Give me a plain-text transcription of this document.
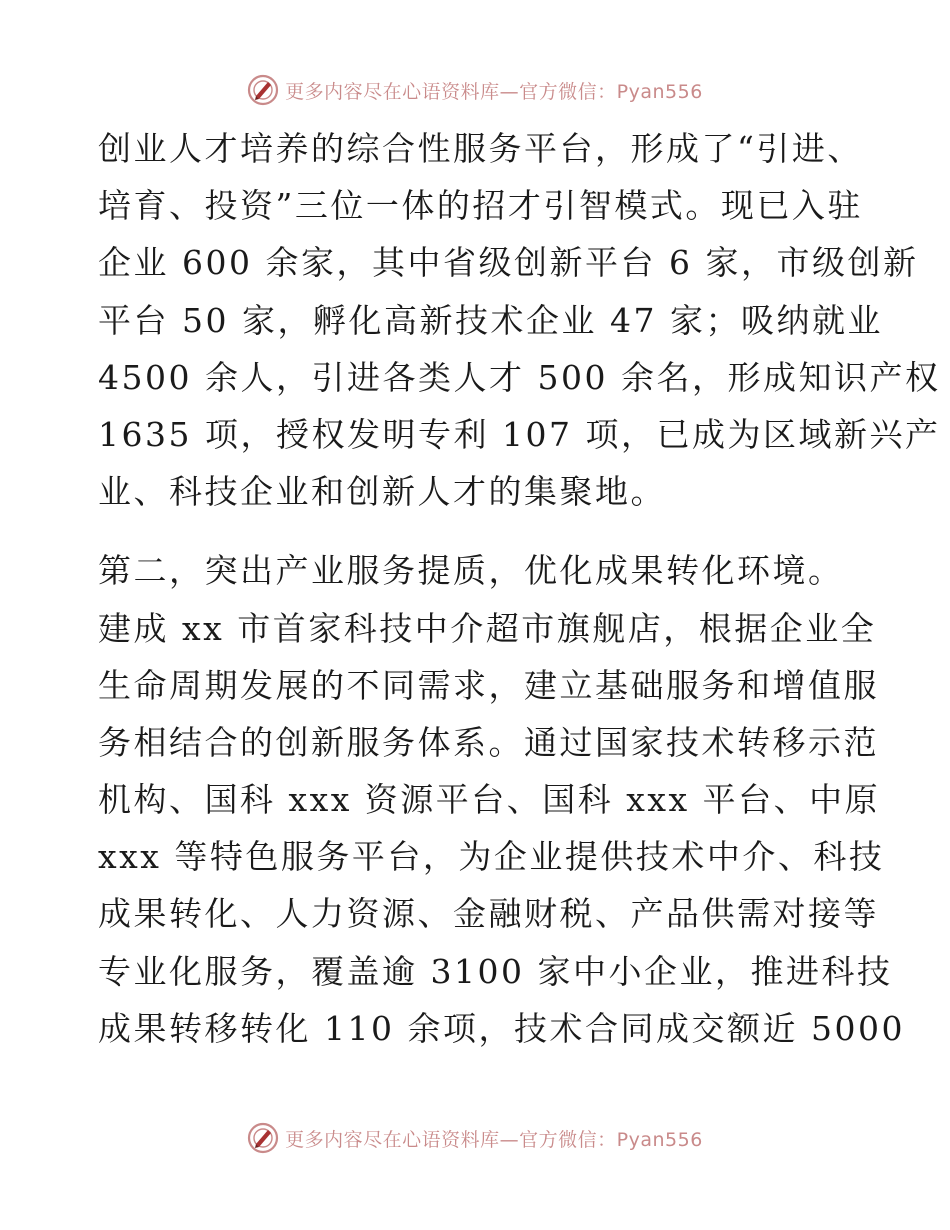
更多内容尽在心语资料库—官方微信：Pyan556
创业人才培养的综合性服务平台，形成了“引进、
培育、投资”三位一体的招才引智模式。现已入驻
企业 600 余家，其中省级创新平台 6 家，市级创新
平台 50 家，孵化高新技术企业 47 家；吸纳就业
4500 余人，引进各类人才 500 余名，形成知识产权
1635 项，授权发明专利 107 项，已成为区域新兴产
业、科技企业和创新人才的集聚地。
第二，突出产业服务提质，优化成果转化环境。
建成 xx 市首家科技中介超市旗舰店，根据企业全
生命周期发展的不同需求，建立基础服务和增值服
务相结合的创新服务体系。通过国家技术转移示范
机构、国科 xxx 资源平台、国科 xxx 平台、中原
xxx 等特色服务平台，为企业提供技术中介、科技
成果转化、人力资源、金融财税、产品供需对接等
专业化服务，覆盖逾 3100 家中小企业，推进科技
成果转移转化 110 余项，技术合同成交额近 5000
更多内容尽在心语资料库—官方微信：Pyan556
